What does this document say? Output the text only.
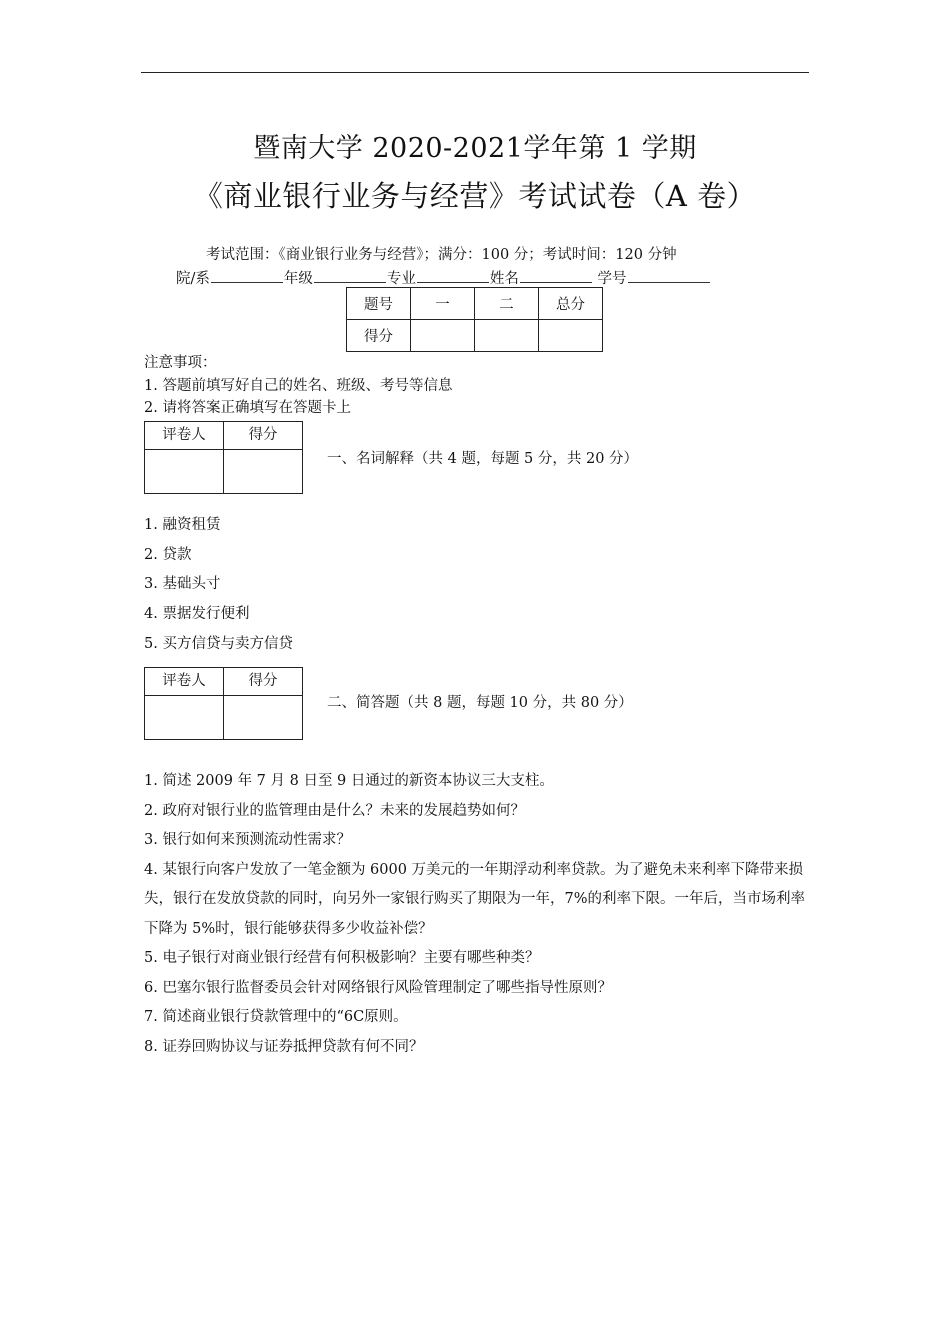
暨南大学 2020-2021学年第 1 学期
《商业银行业务与经营》考试试卷（A 卷）
考试范围：《商业银行业务与经营》；满分：100 分；考试时间：120 分钟
院/系	年级	专业	姓名	学号
题号	一	二	总分
得分			
注意事项：
1. 答题前填写好自己的姓名、班级、考号等信息
2. 请将答案正确填写在答题卡上
评卷人	得分

一、名词解释（共 4 题，每题 5 分，共 20 分）
1. 融资租赁
2. 贷款
3. 基础头寸
4. 票据发行便利
5. 买方信贷与卖方信贷
评卷人	得分

二、简答题（共 8 题，每题 10 分，共 80 分）
1. 简述 2009 年 7 月 8 日至 9 日通过的新资本协议三大支柱。
2. 政府对银行业的监管理由是什么？未来的发展趋势如何？
3. 银行如何来预测流动性需求？
4. 某银行向客户发放了一笔金额为 6000 万美元的一年期浮动利率贷款。为了避免未来利率下降带来损失，银行在发放贷款的同时，向另外一家银行购买了期限为一年，7%的利率下限。一年后，当市场利率下降为 5%时，银行能够获得多少收益补偿？
5. 电子银行对商业银行经营有何积极影响？主要有哪些种类？
6. 巴塞尔银行监督委员会针对网络银行风险管理制定了哪些指导性原则？
7. 简述商业银行贷款管理中的“6C原则。
8. 证券回购协议与证券抵押贷款有何不同？
